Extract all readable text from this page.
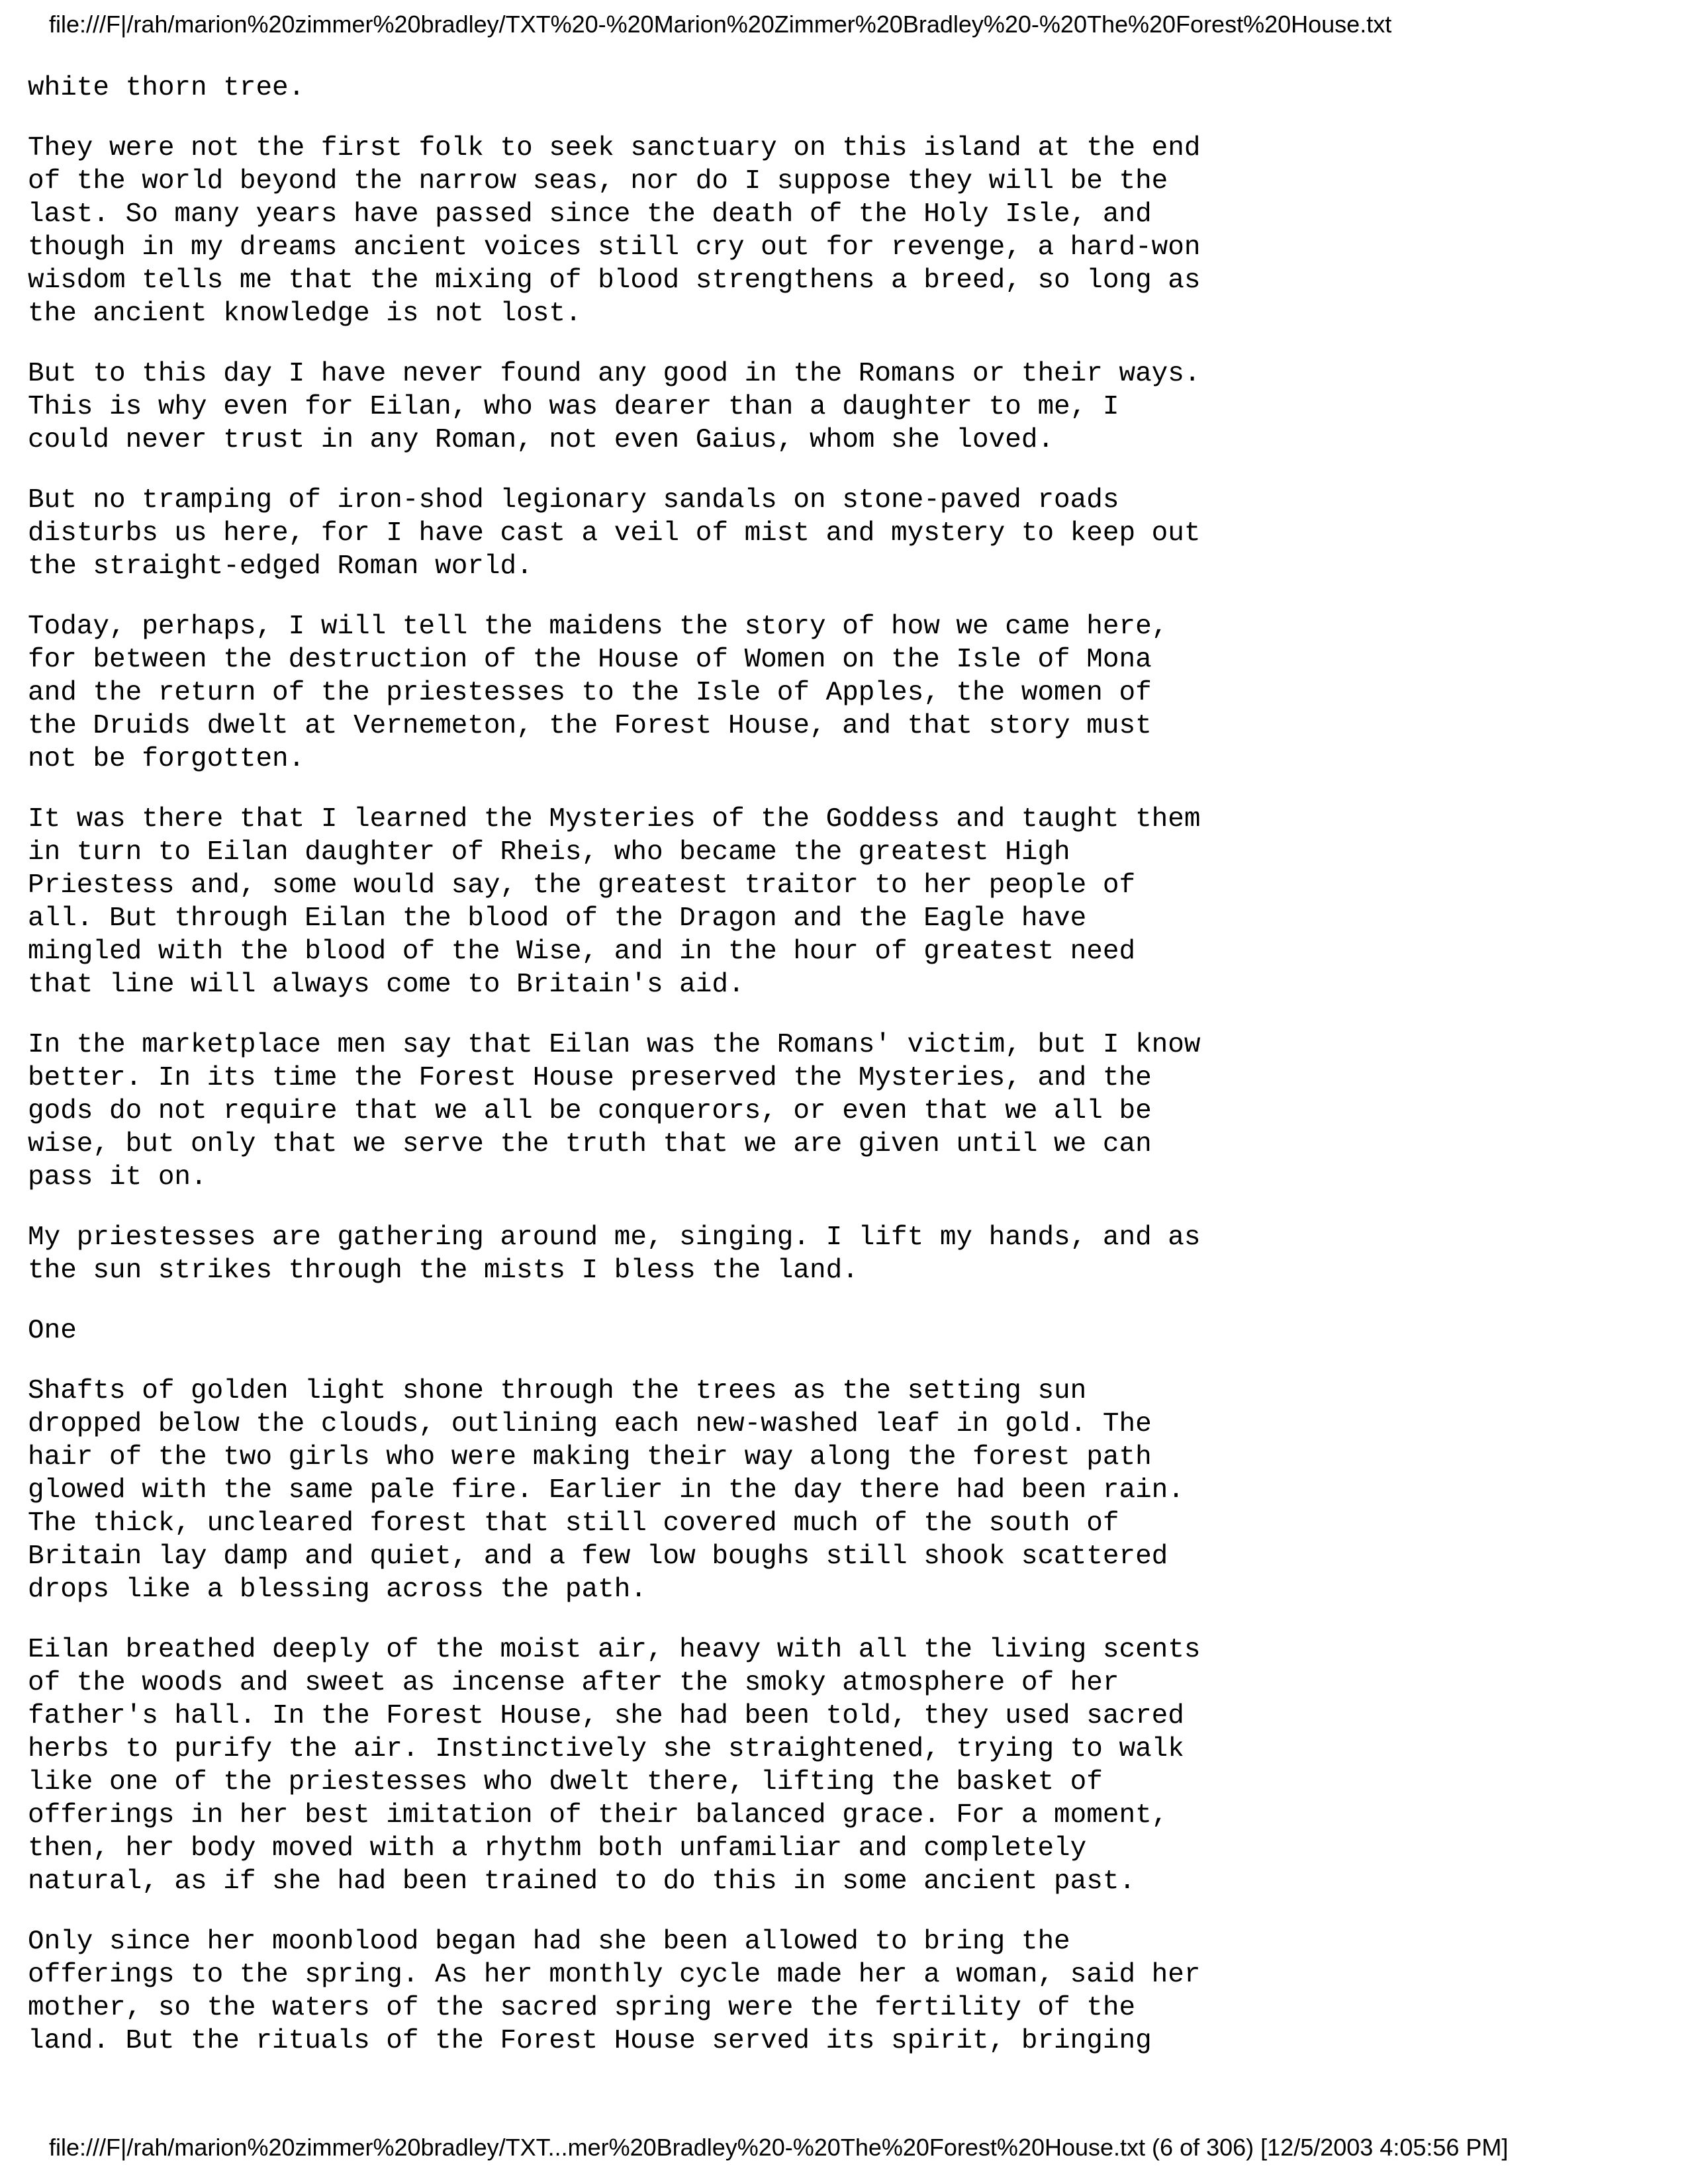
file:///F|/rah/marion%20zimmer%20bradley/TXT%20-%20Marion%20Zimmer%20Bradley%20-%20The%20Forest%20House.txt

white thorn tree.

They were not the first folk to seek sanctuary on this island at the end
of the world beyond the narrow seas, nor do I suppose they will be the
last. So many years have passed since the death of the Holy Isle, and
though in my dreams ancient voices still cry out for revenge, a hard-won
wisdom tells me that the mixing of blood strengthens a breed, so long as
the ancient knowledge is not lost.

But to this day I have never found any good in the Romans or their ways.
This is why even for Eilan, who was dearer than a daughter to me, I
could never trust in any Roman, not even Gaius, whom she loved.

But no tramping of iron-shod legionary sandals on stone-paved roads
disturbs us here, for I have cast a veil of mist and mystery to keep out
the straight-edged Roman world.

Today, perhaps, I will tell the maidens the story of how we came here,
for between the destruction of the House of Women on the Isle of Mona
and the return of the priestesses to the Isle of Apples, the women of
the Druids dwelt at Vernemeton, the Forest House, and that story must
not be forgotten.

It was there that I learned the Mysteries of the Goddess and taught them
in turn to Eilan daughter of Rheis, who became the greatest High
Priestess and, some would say, the greatest traitor to her people of
all. But through Eilan the blood of the Dragon and the Eagle have
mingled with the blood of the Wise, and in the hour of greatest need
that line will always come to Britain's aid.

In the marketplace men say that Eilan was the Romans' victim, but I know
better. In its time the Forest House preserved the Mysteries, and the
gods do not require that we all be conquerors, or even that we all be
wise, but only that we serve the truth that we are given until we can
pass it on.

My priestesses are gathering around me, singing. I lift my hands, and as
the sun strikes through the mists I bless the land.

One

Shafts of golden light shone through the trees as the setting sun
dropped below the clouds, outlining each new-washed leaf in gold. The
hair of the two girls who were making their way along the forest path
glowed with the same pale fire. Earlier in the day there had been rain.
The thick, uncleared forest that still covered much of the south of
Britain lay damp and quiet, and a few low boughs still shook scattered
drops like a blessing across the path.

Eilan breathed deeply of the moist air, heavy with all the living scents
of the woods and sweet as incense after the smoky atmosphere of her
father's hall. In the Forest House, she had been told, they used sacred
herbs to purify the air. Instinctively she straightened, trying to walk
like one of the priestesses who dwelt there, lifting the basket of
offerings in her best imitation of their balanced grace. For a moment,
then, her body moved with a rhythm both unfamiliar and completely
natural, as if she had been trained to do this in some ancient past.

Only since her moonblood began had she been allowed to bring the
offerings to the spring. As her monthly cycle made her a woman, said her
mother, so the waters of the sacred spring were the fertility of the
land. But the rituals of the Forest House served its spirit, bringing

file:///F|/rah/marion%20zimmer%20bradley/TXT...mer%20Bradley%20-%20The%20Forest%20House.txt (6 of 306) [12/5/2003 4:05:56 PM]
